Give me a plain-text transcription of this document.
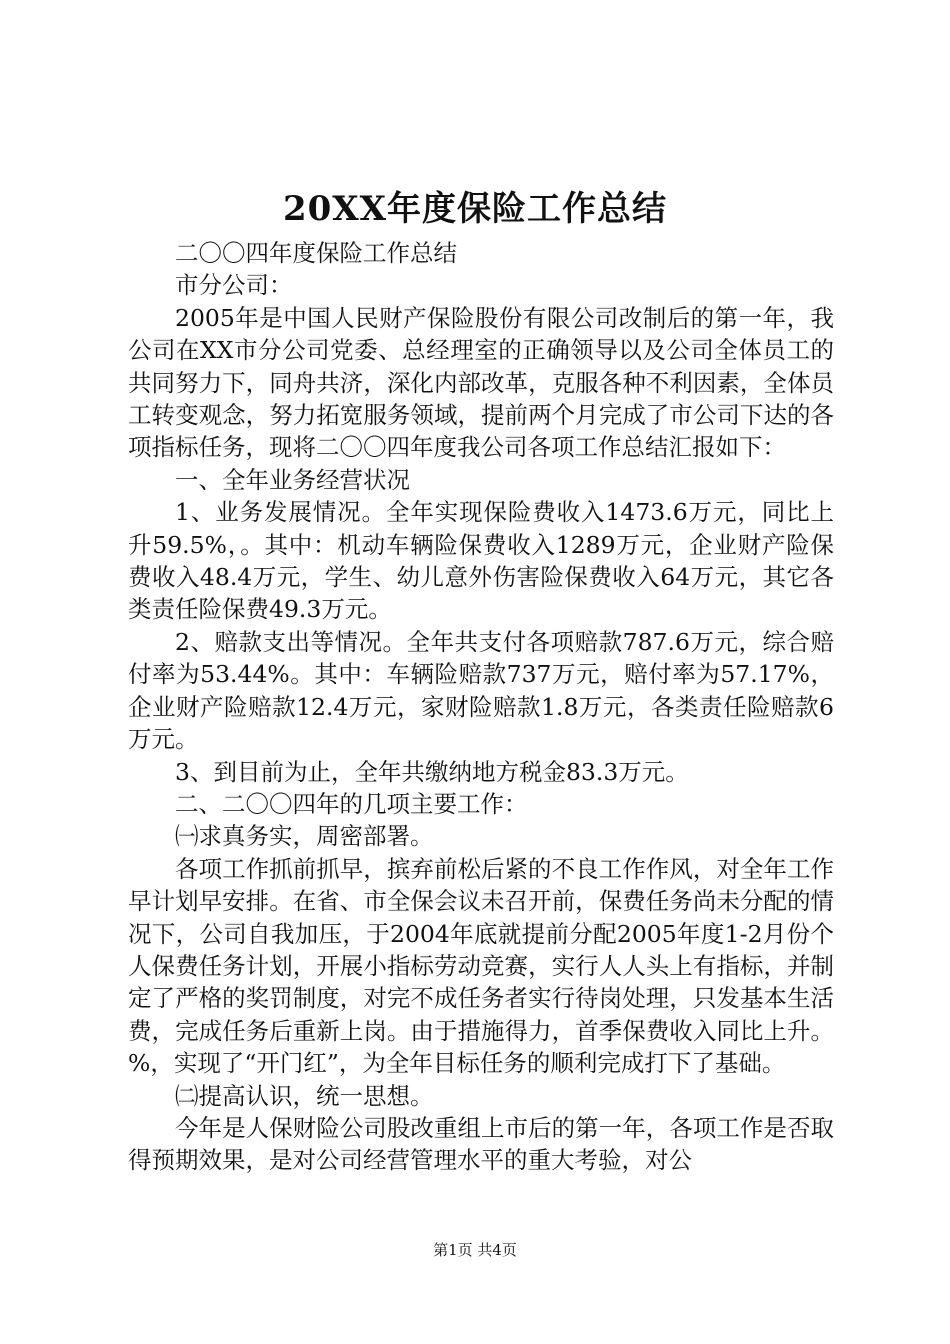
20XX年度保险工作总结

二〇〇四年度保险工作总结

市分公司：

2005年是中国人民财产保险股份有限公司改制后的第一年，我公司在XX市分公司党委、总经理室的正确领导以及公司全体员工的共同努力下，同舟共济，深化内部改革，克服各种不利因素，全体员工转变观念，努力拓宽服务领域，提前两个月完成了市公司下达的各项指标任务，现将二〇〇四年度我公司各项工作总结汇报如下：

一、全年业务经营状况

1、业务发展情况。全年实现保险费收入1473.6万元，同比上升59.5%，。其中：机动车辆险保费收入1289万元，企业财产险保费收入48.4万元，学生、幼儿意外伤害险保费收入64万元，其它各类责任险保费49.3万元。

2、赔款支出等情况。全年共支付各项赔款787.6万元，综合赔付率为53.44%。其中：车辆险赔款737万元，赔付率为57.17%，企业财产险赔款12.4万元，家财险赔款1.8万元，各类责任险赔款6万元。

3、到目前为止，全年共缴纳地方税金83.3万元。

二、二〇〇四年的几项主要工作：

㈠求真务实，周密部署。

各项工作抓前抓早，摈弃前松后紧的不良工作作风，对全年工作早计划早安排。在省、市全保会议未召开前，保费任务尚未分配的情况下，公司自我加压，于2004年底就提前分配2005年度1-2月份个人保费任务计划，开展小指标劳动竞赛，实行人人头上有指标，并制定了严格的奖罚制度，对完不成任务者实行待岗处理，只发基本生活费，完成任务后重新上岗。由于措施得力，首季保费收入同比上升。%，实现了“开门红”，为全年目标任务的顺利完成打下了基础。

㈡提高认识，统一思想。

今年是人保财险公司股改重组上市后的第一年，各项工作是否取得预期效果，是对公司经营管理水平的重大考验，对公

第1页 共4页
